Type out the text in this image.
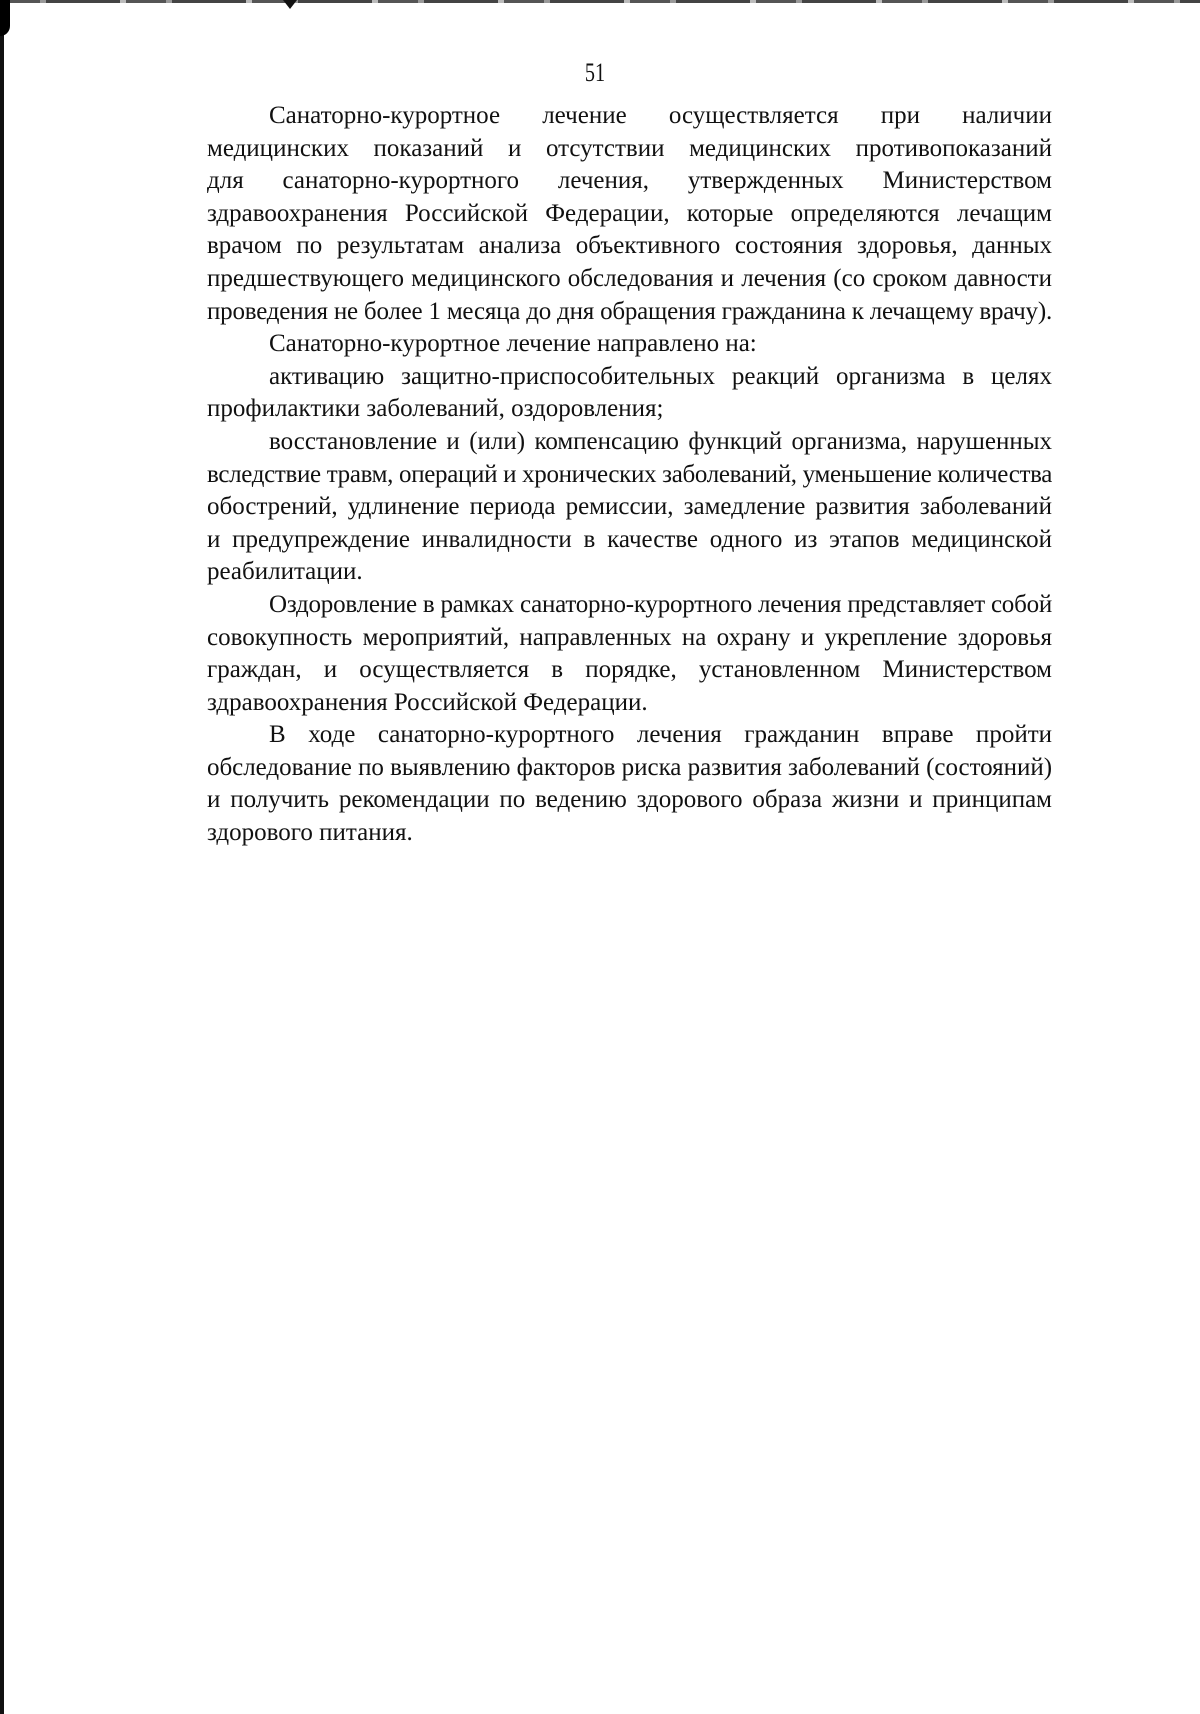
51
Санаторно-курортное лечение осуществляется при наличии
медицинских показаний и отсутствии медицинских противопоказаний
для санаторно-курортного лечения, утвержденных Министерством
здравоохранения Российской Федерации, которые определяются лечащим
врачом по результатам анализа объективного состояния здоровья, данных
предшествующего медицинского обследования и лечения (со сроком давности
проведения не более 1 месяца до дня обращения гражданина к лечащему врачу).
Санаторно-курортное лечение направлено на:
активацию защитно-приспособительных реакций организма в целях
профилактики заболеваний, оздоровления;
восстановление и (или) компенсацию функций организма, нарушенных
вследствие травм, операций и хронических заболеваний, уменьшение количества
обострений, удлинение периода ремиссии, замедление развития заболеваний
и предупреждение инвалидности в качестве одного из этапов медицинской
реабилитации.
Оздоровление в рамках санаторно-курортного лечения представляет собой
совокупность мероприятий, направленных на охрану и укрепление здоровья
граждан, и осуществляется в порядке, установленном Министерством
здравоохранения Российской Федерации.
В ходе санаторно-курортного лечения гражданин вправе пройти
обследование по выявлению факторов риска развития заболеваний (состояний)
и получить рекомендации по ведению здорового образа жизни и принципам
здорового питания.
